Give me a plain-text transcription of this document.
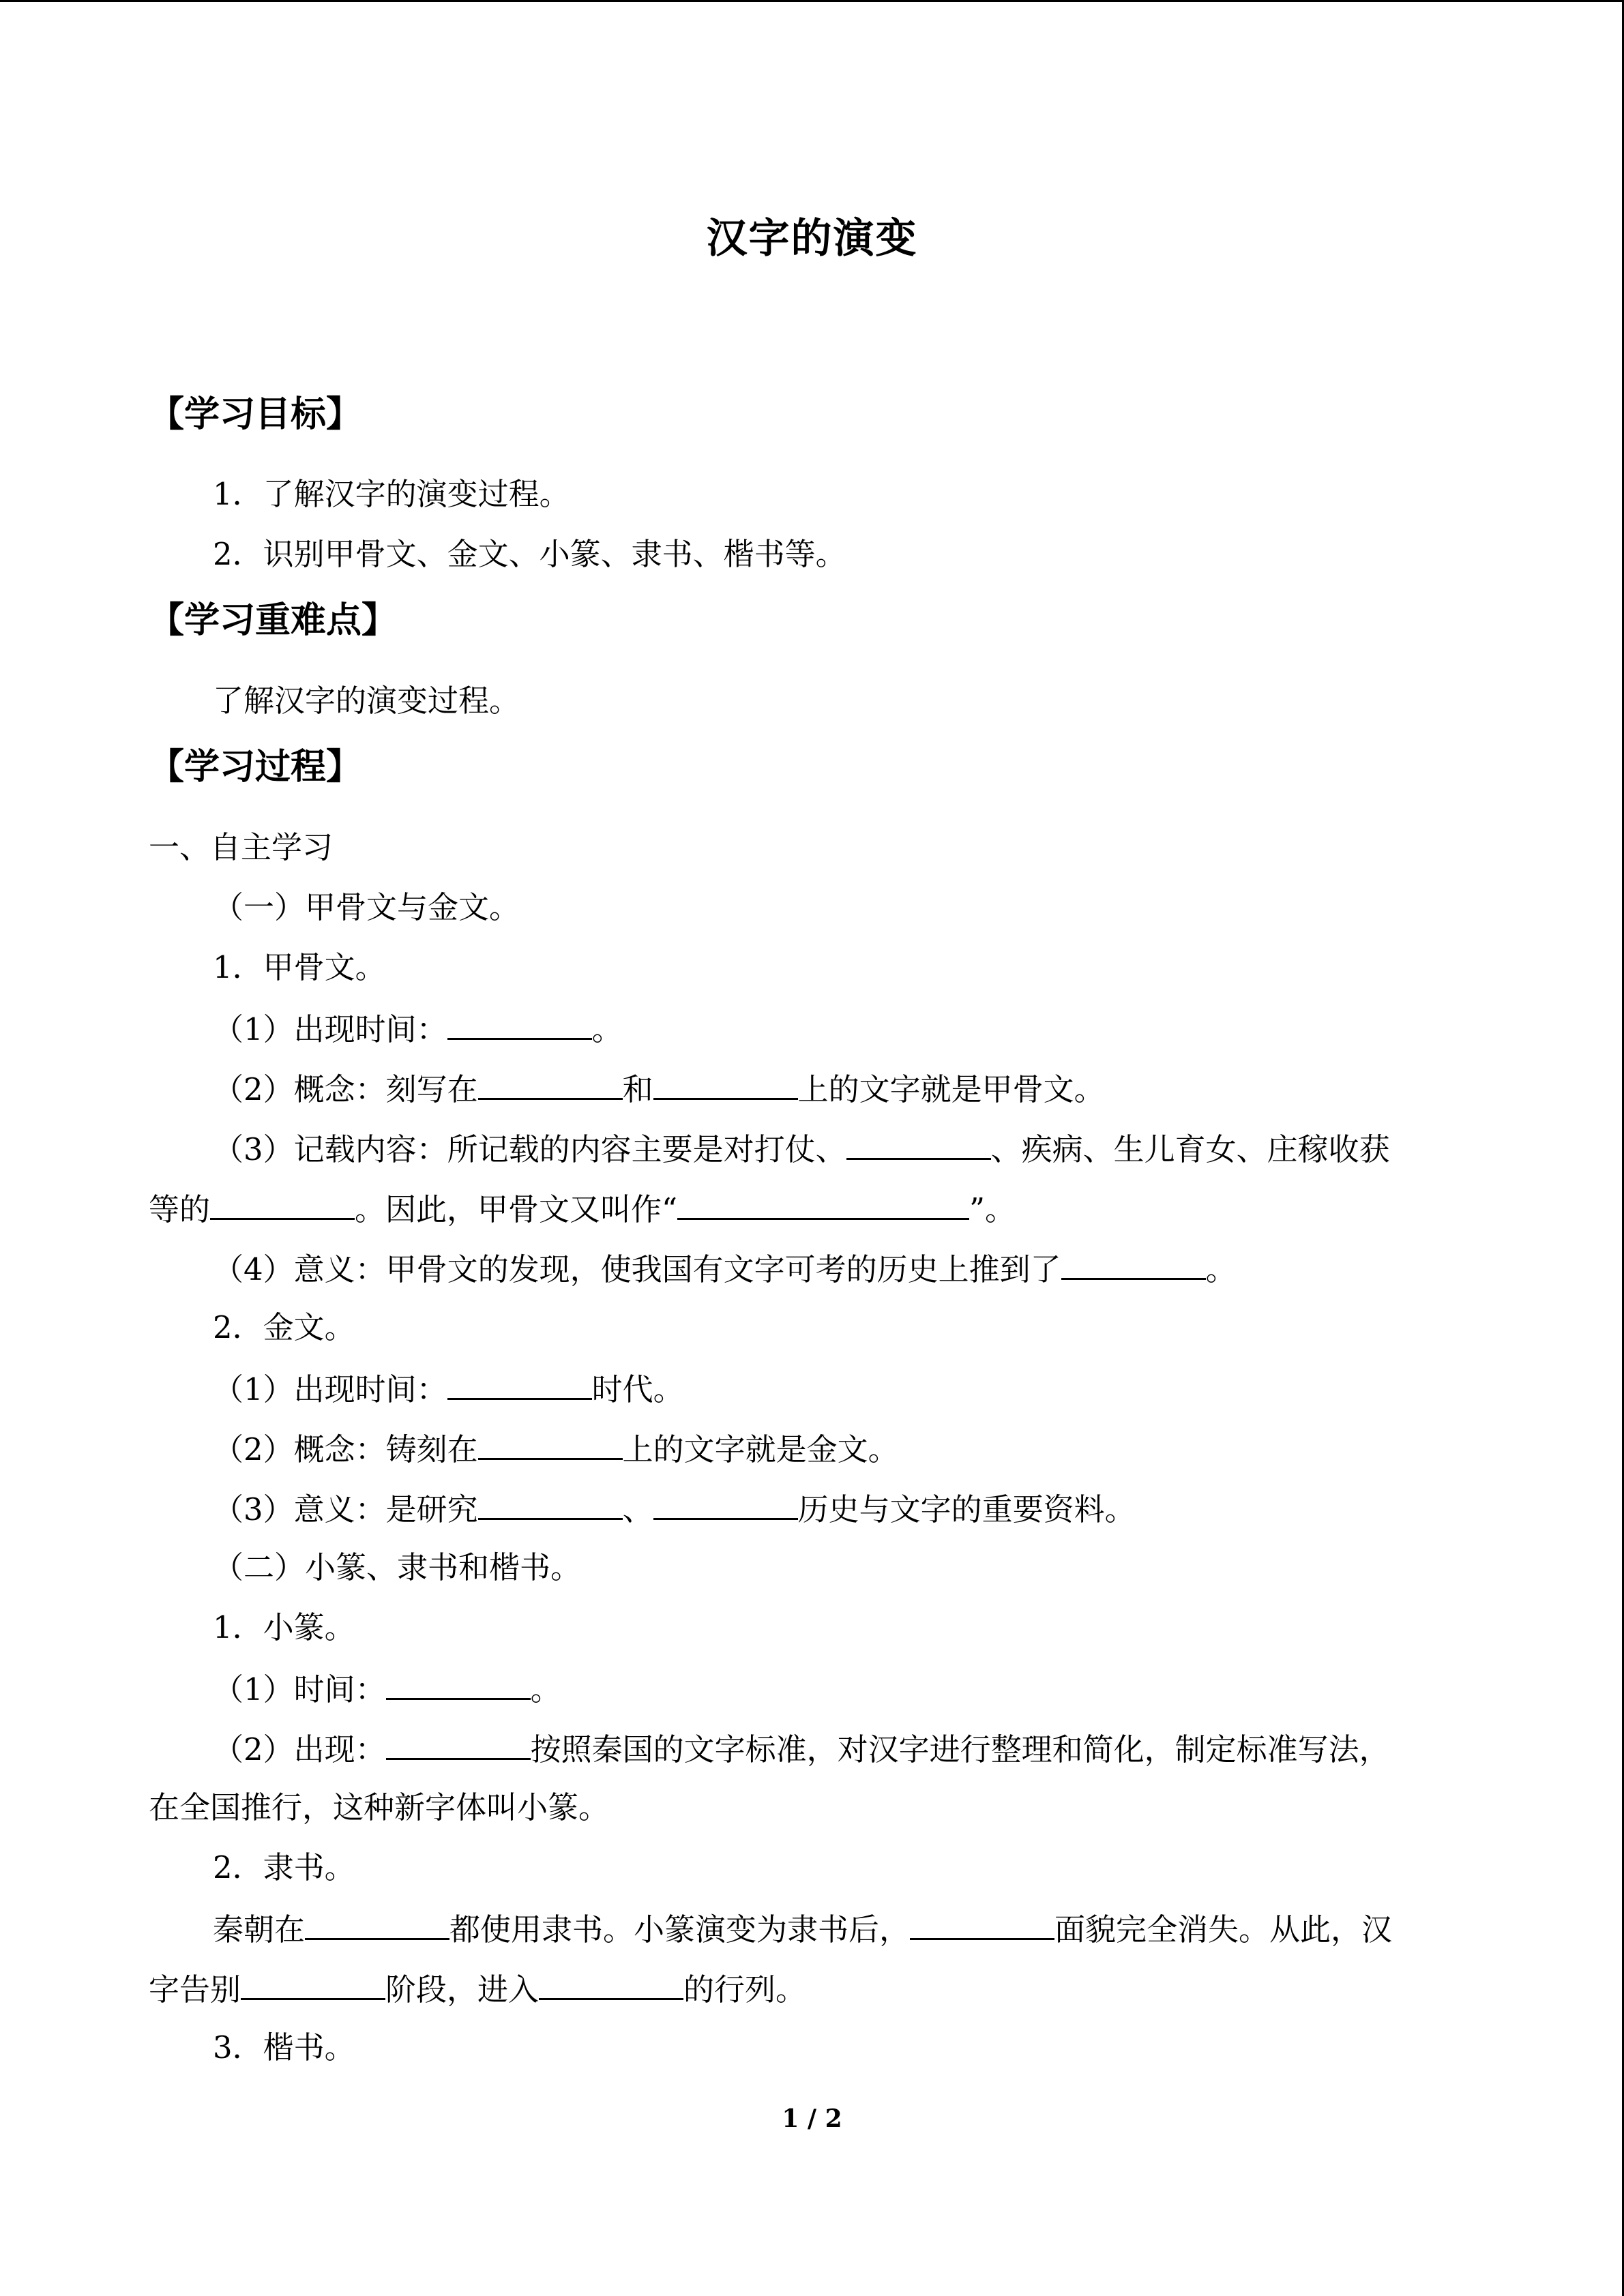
汉字的演变
【学习目标】
1．了解汉字的演变过程。
2．识别甲骨文、金文、小篆、隶书、楷书等。
【学习重难点】
了解汉字的演变过程。
【学习过程】
一、自主学习
（一）甲骨文与金文。
1．甲骨文。
（1）出现时间：	。
（2）概念：刻写在	和	上的文字就是甲骨文。
（3）记载内容：所记载的内容主要是对打仗、	、疾病、生儿育女、庄稼收获
等的	。因此，甲骨文又叫作“	”。
（4）意义：甲骨文的发现，使我国有文字可考的历史上推到了	。
2．金文。
（1）出现时间：	时代。
（2）概念：铸刻在	上的文字就是金文。
（3）意义：是研究	、	历史与文字的重要资料。
（二）小篆、隶书和楷书。
1．小篆。
（1）时间：	。
（2）出现：	按照秦国的文字标准，对汉字进行整理和简化，制定标准写法，
在全国推行，这种新字体叫小篆。
2．隶书。
秦朝在	都使用隶书。小篆演变为隶书后，	面貌完全消失。从此，汉
字告别	阶段，进入	的行列。
3．楷书。
1 / 2
